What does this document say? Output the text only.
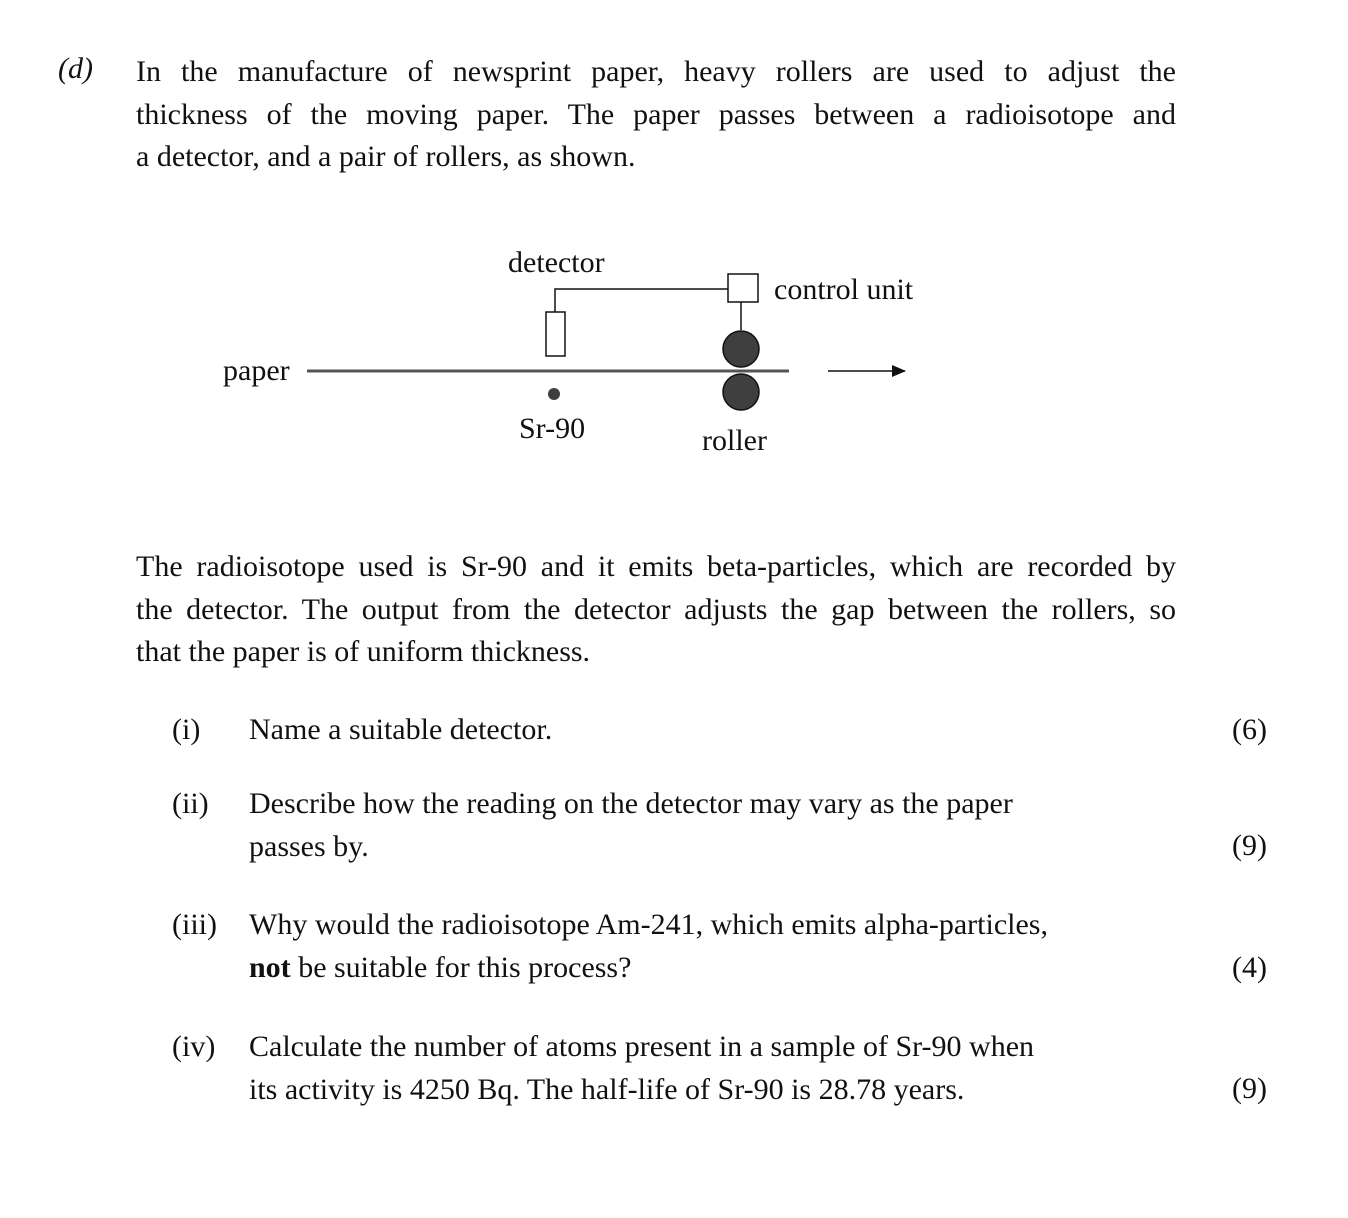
(d) In the manufacture of newsprint paper, heavy rollers are used to adjust the
thickness of the moving paper. The paper passes between a radioisotope and
a detector, and a pair of rollers, as shown.
detector
control unit
paper
Sr-90	roller
The radioisotope used is Sr-90 and it emits beta-particles, which are recorded by
the detector. The output from the detector adjusts the gap between the rollers, so
that the paper is of uniform thickness.
(i) Name a suitable detector.	(6)
(ii) Describe how the reading on the detector may vary as the paper
passes by.	(9)
(iii) Why would the radioisotope Am-241, which emits alpha-particles,
not be suitable for this process?	(4)
(iv) Calculate the number of atoms present in a sample of Sr-90 when
its activity is 4250 Bq. The half-life of Sr-90 is 28.78 years.	(9)
